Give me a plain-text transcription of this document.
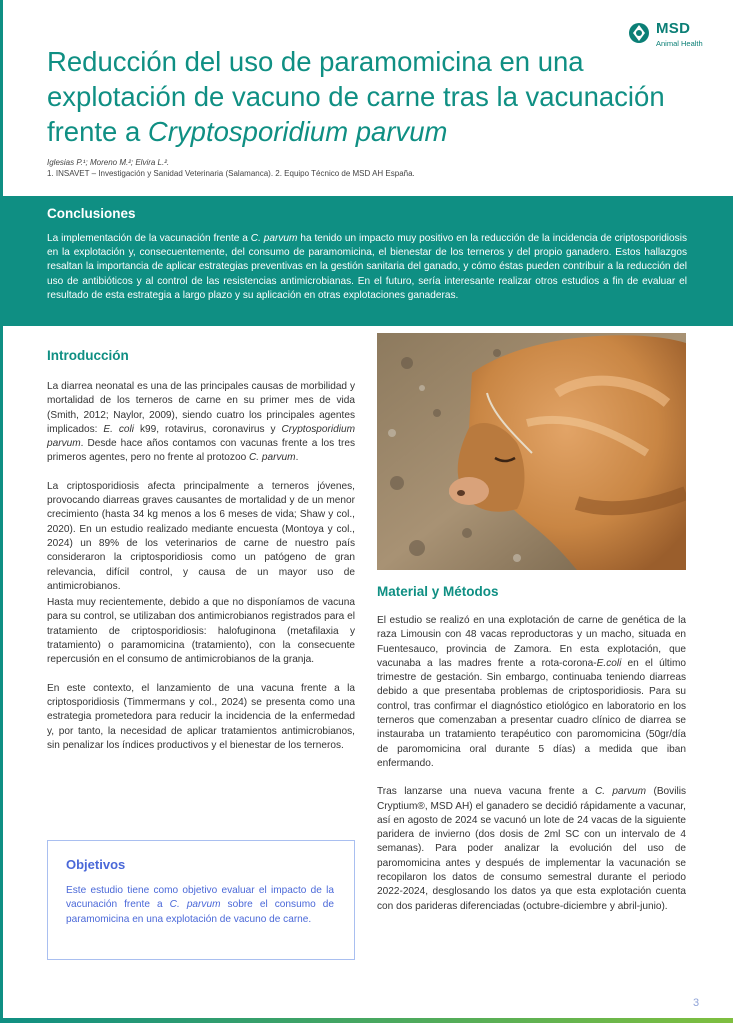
MSD
Animal Health
Reducción del uso de paramomicina en una explotación de vacuno de carne tras la vacunación frente a Cryptosporidium parvum
Iglesias P.¹; Moreno M.²; Elvira L.².
1. INSAVET – Investigación y Sanidad Veterinaria (Salamanca). 2. Equipo Técnico de MSD AH España.
Conclusiones

La implementación de la vacunación frente a C. parvum ha tenido un impacto muy positivo en la reducción de la incidencia de criptosporidiosis en la explotación y, consecuentemente, del consumo de paramomicina, el bienestar de los terneros y del propio ganadero. Estos hallazgos resaltan la importancia de aplicar estrategias preventivas en la gestión sanitaria del ganado, y cómo éstas pueden contribuir a la reducción del uso de antibióticos y al control de las resistencias antimicrobianas. En el futuro, sería interesante realizar otros estudios a fin de evaluar el resultado de esta estrategia a largo plazo y su aplicación en otras explotaciones ganaderas.

Introducción

La diarrea neonatal es una de las principales causas de morbilidad y mortalidad de los terneros de carne en su primer mes de vida (Smith, 2012; Naylor, 2009), siendo cuatro los principales agentes implicados: E. coli k99, rotavirus, coronavirus y Cryptosporidium parvum. Desde hace años contamos con vacunas frente a los tres primeros agentes, pero no frente al protozoo C. parvum.

La criptosporidiosis afecta principalmente a terneros jóvenes, provocando diarreas graves causantes de mortalidad y de un menor crecimiento (hasta 34 kg menos a los 6 meses de vida; Shaw y col., 2020). En un estudio realizado mediante encuesta (Montoya y col., 2024) un 89% de los veterinarios de carne de nuestro país consideraron la criptosporidiosis como un patógeno de gran relevancia, difícil control, y causa de un mayor uso de antimicrobianos.

Hasta muy recientemente, debido a que no disponíamos de vacuna para su control, se utilizaban dos antimicrobianos registrados para el tratamiento de criptosporidiosis: halofuginona (metafilaxia y tratamiento) o paramomicina (tratamiento), con la consecuente repercusión en el consumo de antimicrobianos de la granja.

En este contexto, el lanzamiento de una vacuna frente a la criptosporidiosis (Timmermans y col., 2024) se presenta como una estrategia prometedora para reducir la incidencia de la enfermedad y, por tanto, la necesidad de aplicar tratamientos antimicrobianos, sin penalizar los índices productivos y el bienestar de los terneros.

Objetivos

Este estudio tiene como objetivo evaluar el impacto de la vacunación frente a C. parvum sobre el consumo de paramomicina en una explotación de vacuno de carne.

Material y Métodos

El estudio se realizó en una explotación de carne de genética de la raza Limousin con 48 vacas reproductoras y un macho, situada en Fuentesauco, provincia de Zamora. En esta explotación, que vacunaba a las madres frente a rota-corona-E.coli en el último trimestre de gestación. Sin embargo, continuaba teniendo diarreas debido a que presentaba problemas de criptosporidiosis. Para su control, tras confirmar el diagnóstico etiológico en laboratorio en los terneros que comenzaban a presentar cuadro clínico de diarrea se instauraba un tratamiento terapéutico con paromomicina (50gr/día de paromomicina oral durante 5 días) a medida que iban enfermando.

Tras lanzarse una nueva vacuna frente a C. parvum (Bovilis Cryptium®, MSD AH) el ganadero se decidió rápidamente a vacunar, así en agosto de 2024 se vacunó un lote de 24 vacas de la siguiente paridera de invierno (dos dosis de 2ml SC con un intervalo de 4 semanas). Para poder analizar la evolución del uso de paromomicina antes y después de implementar la vacunación se recopilaron los datos de consumo semestral durante el periodo 2022-2024, desglosando los datos ya que esta explotación cuenta con dos parideras diferenciadas (octubre-diciembre y abril-junio).

3
